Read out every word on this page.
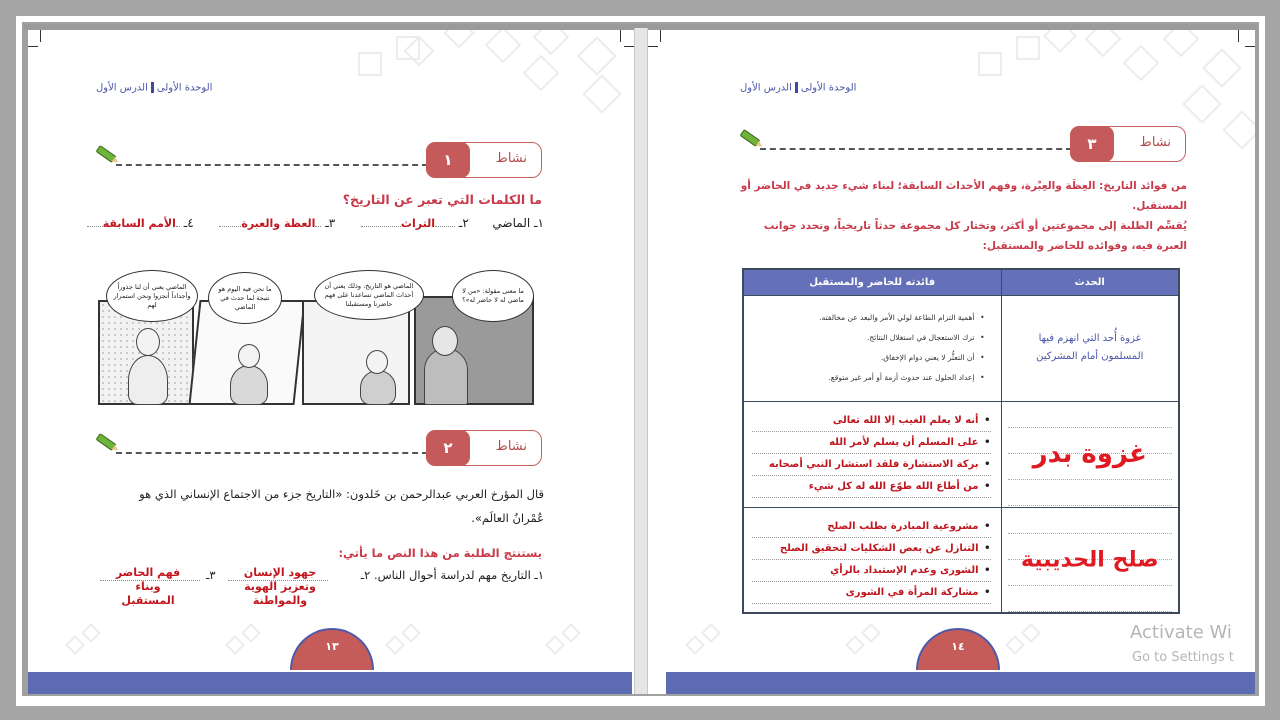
الوحدة الأولىالدرس الأول
نشاط
١
ما الكلمات التي تعبر عن التاريخ؟
١ـ الماضي  ٢ـ التراث  ٣ـ العظة والعبرة  ٤ـ الأمم السابقة
ما معنى مقولة: «من لا ماضي له لا حاضر له»؟
الماضي هو التاريخ، وذلك يعني أن أحداث الماضي تساعدنا على فهم حاضرنا ومستقبلنا
ما نحن فيه اليوم هو نتيجة لما حدث في الماضي
الماضي يعني أن لنا جذوراً وأجداداً أنجزوا ونحن استمرار لهم
نشاط
٢
قال المؤرخ العربي عبدالرحمن بن خَلدون: «التاريخ جزء من الاجتماع الإنساني الذي هو
عُمْرانُ العالَم».
يستنتج الطلبة من هذا النص ما يأتي:
١ـ التاريخ مهم لدراسة أحوال الناس. ٢ـ
جهود الإنسان وتعزيز الهوية والمواطنة
٣ـ
فهم الحاضر وبناء المستقبل
١٣
الوحدة الأولىالدرس الأول
نشاط
٣
من فوائد التاريخ: العِظَة والعِبْرة، وفهم الأحداث السابقة؛ لبناء شيء جديد في الحاضر أو
المستقبل.
يُقسِّم الطلبة إلى مجموعتين أو أكثر، وتختار كل مجموعة حدثاً تاريخياً، وتحدد جوانب
العبرة فيه، وفوائده للحاضر والمستقبل:
الحدث	فائدته للحاضر والمستقبل

غزوة أُحد التي انهزم فيها
المسلمون أمام المشركين

• أهمية التزام الطاعة لولي الأمر والبعد عن مخالفته.
• ترك الاستعجال في استغلال النتائج.
• أن التعثُّر لا يعني دوام الإخفاق.
• إعداد الحلول عند حدوث أزمة أو أمر غير متوقع.

غزوة بدر

• أنه لا يعلم الغيب إلا الله تعالى
• على المسلم أن يسلم لأمر الله
• بركة الاستشارة فلقد استشار النبي أصحابه
• من أطاع الله طوّع الله له كل شيء

صلح الحديبية

• مشروعية المبادرة بطلب الصلح
• التنازل عن بعض الشكليات لتحقيق الصلح
• الشورى وعدم الإستبداد بالرأي
• مشاركة المرأة في الشورى
١٤
Activate Wi
Go to Settings t
